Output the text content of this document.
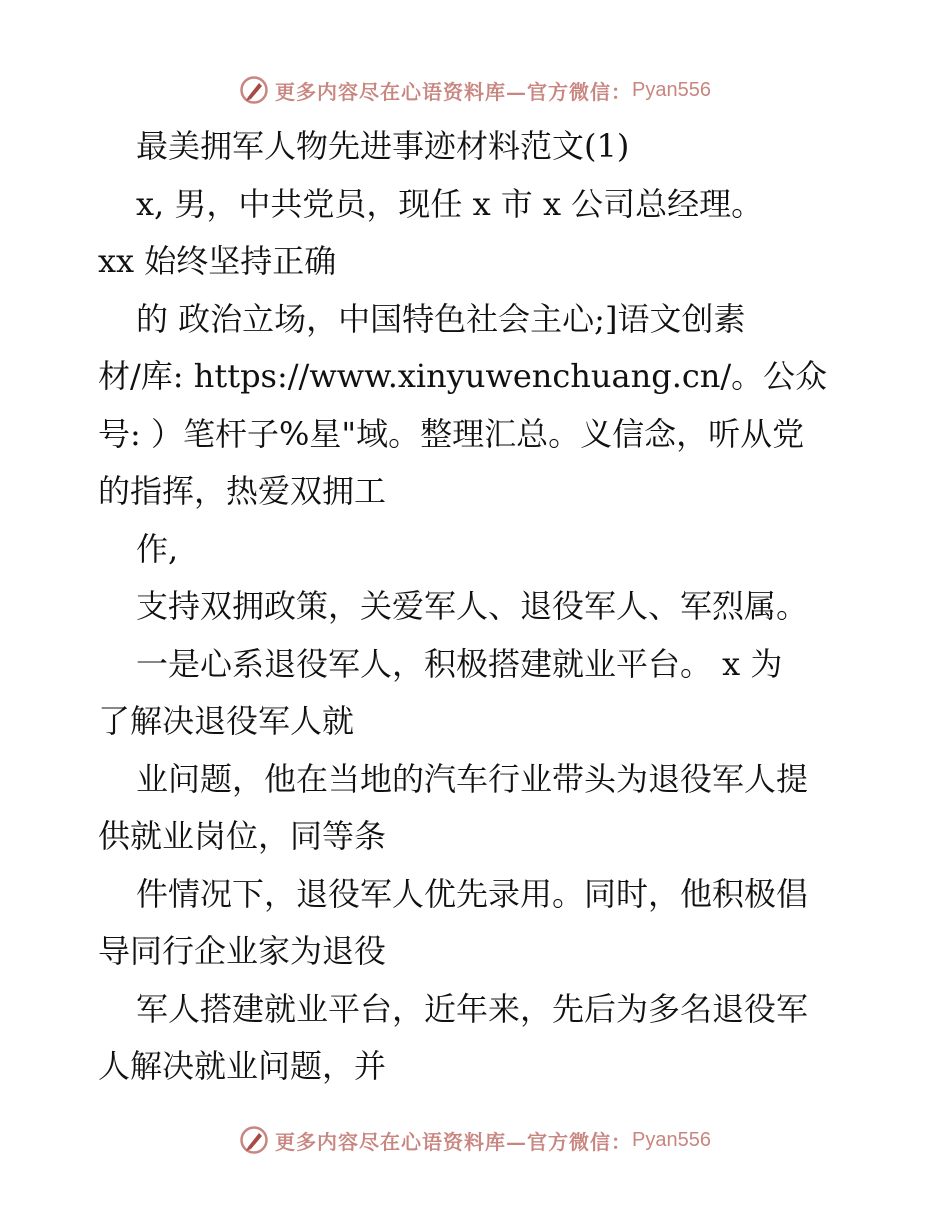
更多内容尽在心语资料库—官方微信： Pyan556
最美拥军人物先进事迹材料范文(1)
x, 男，中共党员，现任 x 市 x 公司总经理。
xx 始终坚持正确
的 政治立场，中国特色社会主心;]语文创素
材/库: https://www.xinyuwenchuang.cn/。公众
号: ）笔杆子%星"域。整理汇总。义信念，听从党
的指挥，热爱双拥工
作,
支持双拥政策，关爱军人、退役军人、军烈属。
一是心系退役军人，积极搭建就业平台。 x 为
了解决退役军人就
业问题，他在当地的汽车行业带头为退役军人提
供就业岗位，同等条
件情况下，退役军人优先录用。同时，他积极倡
导同行企业家为退役
军人搭建就业平台，近年来，先后为多名退役军
人解决就业问题，并
更多内容尽在心语资料库—官方微信： Pyan556
